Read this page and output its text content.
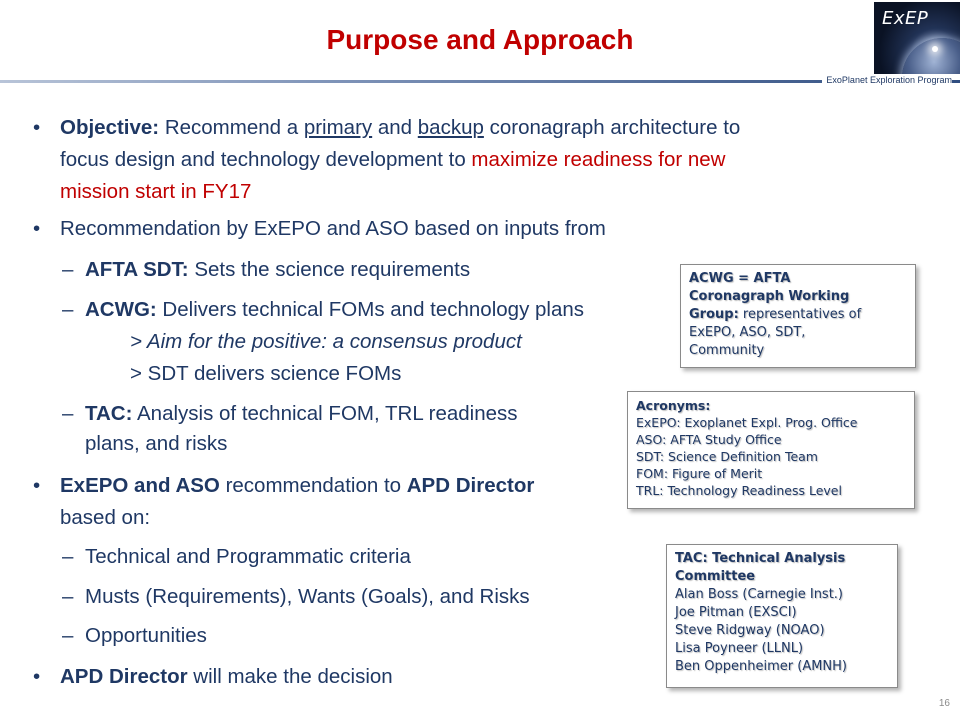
Purpose and Approach
ExEP
ExoPlanet Exploration Program
• Objective: Recommend a primary and backup coronagraph architecture to
focus design and technology development to maximize readiness for new
mission start in FY17
• Recommendation by ExEPO and ASO based on inputs from
– AFTA SDT: Sets the science requirements
– ACWG: Delivers technical FOMs and technology plans
> Aim for the positive: a consensus product
> SDT delivers science FOMs
– TAC: Analysis of technical FOM, TRL readiness
plans, and risks
• ExEPO and ASO recommendation to APD Director
based on:
– Technical and Programmatic criteria
– Musts (Requirements), Wants (Goals), and Risks
– Opportunities
• APD Director will make the decision
ACWG = AFTA
Coronagraph Working
Group: representatives of
ExEPO, ASO, SDT,
Community
Acronyms:
ExEPO: Exoplanet Expl. Prog. Office
ASO: AFTA Study Office
SDT: Science Definition Team
FOM: Figure of Merit
TRL: Technology Readiness Level
TAC: Technical Analysis
Committee
Alan Boss (Carnegie Inst.)
Joe Pitman (EXSCI)
Steve Ridgway (NOAO)
Lisa Poyneer (LLNL)
Ben Oppenheimer (AMNH)
16
